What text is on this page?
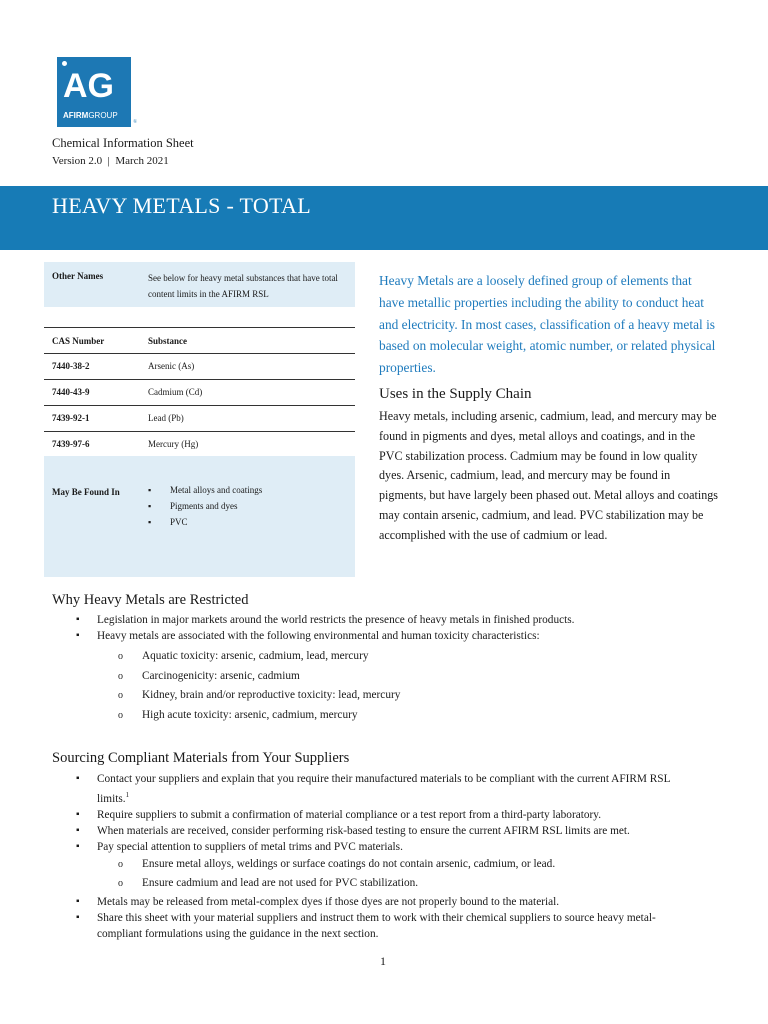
AG
AFIRMGROUP
®
Chemical Information Sheet
Version 2.0 | March 2021
HEAVY METALS - TOTAL
Other Names	See below for heavy metal substances that have total content limits in the AFIRM RSL
CAS Number	Substance
7440-38-2	Arsenic (As)
7440-43-9	Cadmium (Cd)
7439-92-1	Lead (Pb)
7439-97-6	Mercury (Hg)
May Be Found In
▪	Metal alloys and coatings
▪ Pigments and dyes
▪ PVC

Heavy Metals are a loosely defined group of elements that have metallic properties including the ability to conduct heat and electricity. In most cases, classification of a heavy metal is based on molecular weight, atomic number, or related physical properties.

Uses in the Supply Chain

Heavy metals, including arsenic, cadmium, lead, and mercury may be found in pigments and dyes, metal alloys and coatings, and in the PVC stabilization process. Cadmium may be found in low quality dyes. Arsenic, cadmium, lead, and mercury may be found in pigments, but have largely been phased out. Metal alloys and coatings may contain arsenic, cadmium, and lead. PVC stabilization may be accomplished with the use of cadmium or lead.

Why Heavy Metals are Restricted
▪ Legislation in major markets around the world restricts the presence of heavy metals in finished products.
▪ Heavy metals are associated with the following environmental and human toxicity characteristics:
o Aquatic toxicity: arsenic, cadmium, lead, mercury
o Carcinogenicity: arsenic, cadmium
o Kidney, brain and/or reproductive toxicity: lead, mercury
o High acute toxicity: arsenic, cadmium, mercury
Sourcing Compliant Materials from Your Suppliers
▪ Contact your suppliers and explain that you require their manufactured materials to be compliant with the current AFIRM RSL limits.$^1$
▪ Require suppliers to submit a confirmation of material compliance or a test report from a third-party laboratory.
▪ When materials are received, consider performing risk-based testing to ensure the current AFIRM RSL limits are met.
▪ Pay special attention to suppliers of metal trims and PVC materials.
o Ensure metal alloys, weldings or surface coatings do not contain arsenic, cadmium, or lead.
o Ensure cadmium and lead are not used for PVC stabilization.
▪ Metals may be released from metal-complex dyes if those dyes are not properly bound to the material.
▪ Share this sheet with your material suppliers and instruct them to work with their chemical suppliers to source heavy metal-compliant formulations using the guidance in the next section.
1
